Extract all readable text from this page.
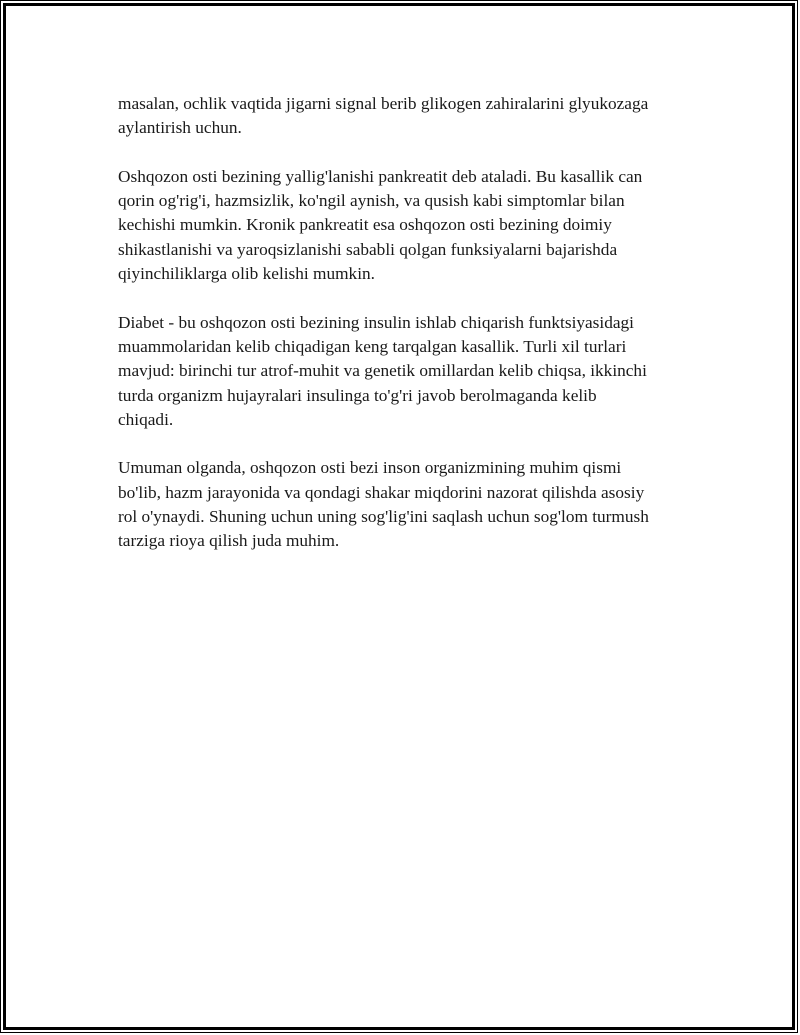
masalan, ochlik vaqtida jigarni signal berib glikogen zahiralarini glyukozaga
aylantirish uchun.

Oshqozon osti bezining yallig'lanishi pankreatit deb ataladi. Bu kasallik can
qorin og'rig'i, hazmsizlik, ko'ngil aynish, va qusish kabi simptomlar bilan
kechishi mumkin. Kronik pankreatit esa oshqozon osti bezining doimiy
shikastlanishi va yaroqsizlanishi sababli qolgan funksiyalarni bajarishda
qiyinchiliklarga olib kelishi mumkin.

Diabet - bu oshqozon osti bezining insulin ishlab chiqarish funktsiyasidagi
muammolaridan kelib chiqadigan keng tarqalgan kasallik. Turli xil turlari
mavjud: birinchi tur atrof-muhit va genetik omillardan kelib chiqsa, ikkinchi
turda organizm hujayralari insulinga to'g'ri javob berolmaganda kelib
chiqadi.

Umuman olganda, oshqozon osti bezi inson organizmining muhim qismi
bo'lib, hazm jarayonida va qondagi shakar miqdorini nazorat qilishda asosiy
rol o'ynaydi. Shuning uchun uning sog'lig'ini saqlash uchun sog'lom turmush
tarziga rioya qilish juda muhim.
